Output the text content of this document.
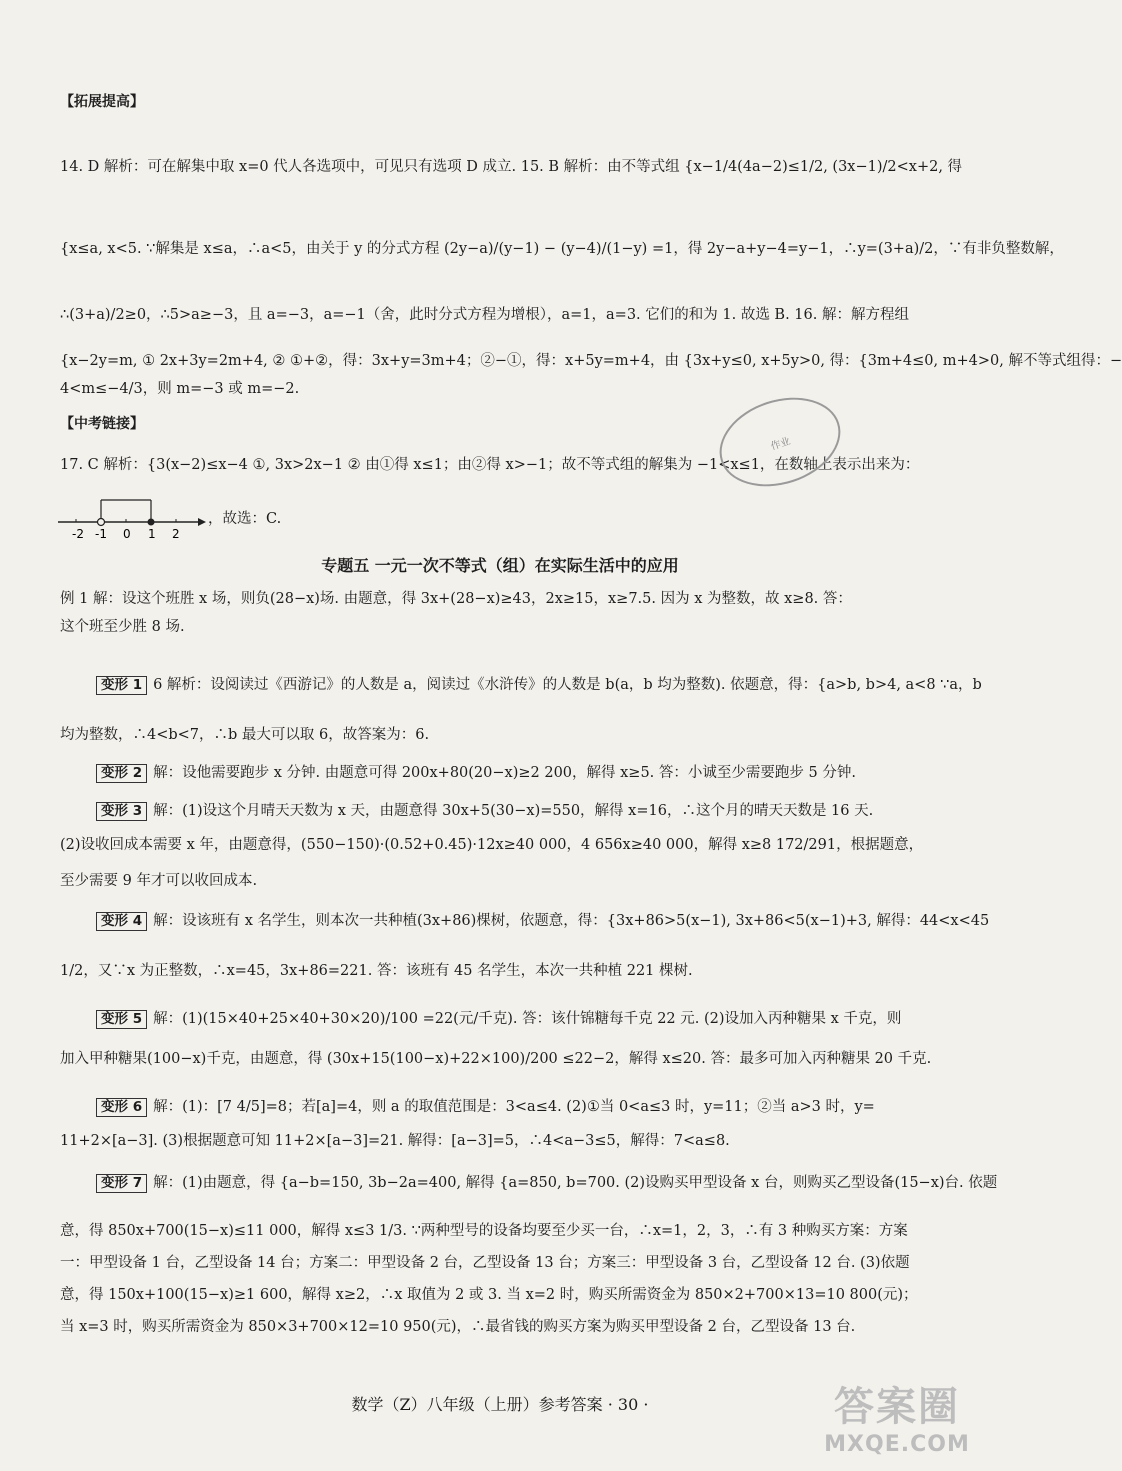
【拓展提高】
14. D 解析：可在解集中取 x=0 代人各选项中，可见只有选项 D 成立. 15. B 解析：由不等式组 {x−1/4(4a−2)≤1/2, (3x−1)/2<x+2, 得
{x≤a, x<5. ∵解集是 x≤a，∴a<5，由关于 y 的分式方程 (2y−a)/(y−1) − (y−4)/(1−y) =1，得 2y−a+y−4=y−1，∴y=(3+a)/2，∵有非负整数解，
∴(3+a)/2≥0，∴5>a≥−3，且 a=−3，a=−1（舍，此时分式方程为增根），a=1，a=3. 它们的和为 1. 故选 B. 16. 解：解方程组
{x−2y=m, ① 2x+3y=2m+4, ② ①+②，得：3x+y=3m+4；②−①，得：x+5y=m+4，由 {3x+y≤0, x+5y>0, 得：{3m+4≤0, m+4>0, 解不等式组得：−
4<m≤−4/3，则 m=−3 或 m=−2.
【中考链接】
17. C 解析：{3(x−2)≤x−4 ①, 3x>2x−1 ② 由①得 x≤1；由②得 x>−1；故不等式组的解集为 −1<x≤1，在数轴上表示出来为：
-2 -1 0 1 2
，故选：C.
作业
专题五 一元一次不等式（组）在实际生活中的应用
例 1 解：设这个班胜 x 场，则负(28−x)场. 由题意，得 3x+(28−x)≥43，2x≥15，x≥7.5. 因为 x 为整数，故 x≥8. 答：
这个班至少胜 8 场.
变形 1 6 解析：设阅读过《西游记》的人数是 a，阅读过《水浒传》的人数是 b(a，b 均为整数). 依题意，得：{a>b, b>4, a<8 ∵a，b
均为整数，∴4<b<7，∴b 最大可以取 6，故答案为：6.
变形 2 解：设他需要跑步 x 分钟. 由题意可得 200x+80(20−x)≥2 200，解得 x≥5. 答：小诚至少需要跑步 5 分钟.
变形 3 解：(1)设这个月晴天天数为 x 天，由题意得 30x+5(30−x)=550，解得 x=16，∴这个月的晴天天数是 16 天.
(2)设收回成本需要 x 年，由题意得，(550−150)·(0.52+0.45)·12x≥40 000，4 656x≥40 000，解得 x≥8 172/291，根据题意，
至少需要 9 年才可以收回成本.
变形 4 解：设该班有 x 名学生，则本次一共种植(3x+86)棵树，依题意，得：{3x+86>5(x−1), 3x+86<5(x−1)+3, 解得：44<x<45
1/2，又∵x 为正整数，∴x=45，3x+86=221. 答：该班有 45 名学生，本次一共种植 221 棵树.
变形 5 解：(1)(15×40+25×40+30×20)/100 =22(元/千克). 答：该什锦糖每千克 22 元. (2)设加入丙种糖果 x 千克，则
加入甲种糖果(100−x)千克，由题意，得 (30x+15(100−x)+22×100)/200 ≤22−2，解得 x≤20. 答：最多可加入丙种糖果 20 千克.
变形 6 解：(1)：[7 4/5]=8；若[a]=4，则 a 的取值范围是：3<a≤4. (2)①当 0<a≤3 时，y=11；②当 a>3 时，y=
11+2×[a−3]. (3)根据题意可知 11+2×[a−3]=21. 解得：[a−3]=5，∴4<a−3≤5，解得：7<a≤8.
变形 7 解：(1)由题意，得 {a−b=150, 3b−2a=400, 解得 {a=850, b=700. (2)设购买甲型设备 x 台，则购买乙型设备(15−x)台. 依题
意，得 850x+700(15−x)≤11 000，解得 x≤3 1/3. ∵两种型号的设备均要至少买一台，∴x=1，2，3，∴有 3 种购买方案：方案
一：甲型设备 1 台，乙型设备 14 台；方案二：甲型设备 2 台，乙型设备 13 台；方案三：甲型设备 3 台，乙型设备 12 台. (3)依题
意，得 150x+100(15−x)≥1 600，解得 x≥2，∴x 取值为 2 或 3. 当 x=2 时，购买所需资金为 850×2+700×13=10 800(元)；
当 x=3 时，购买所需资金为 850×3+700×12=10 950(元)，∴最省钱的购买方案为购买甲型设备 2 台，乙型设备 13 台.
数学（Z）八年级（上册）参考答案 · 30 ·	答案圈
MXQE.COM
